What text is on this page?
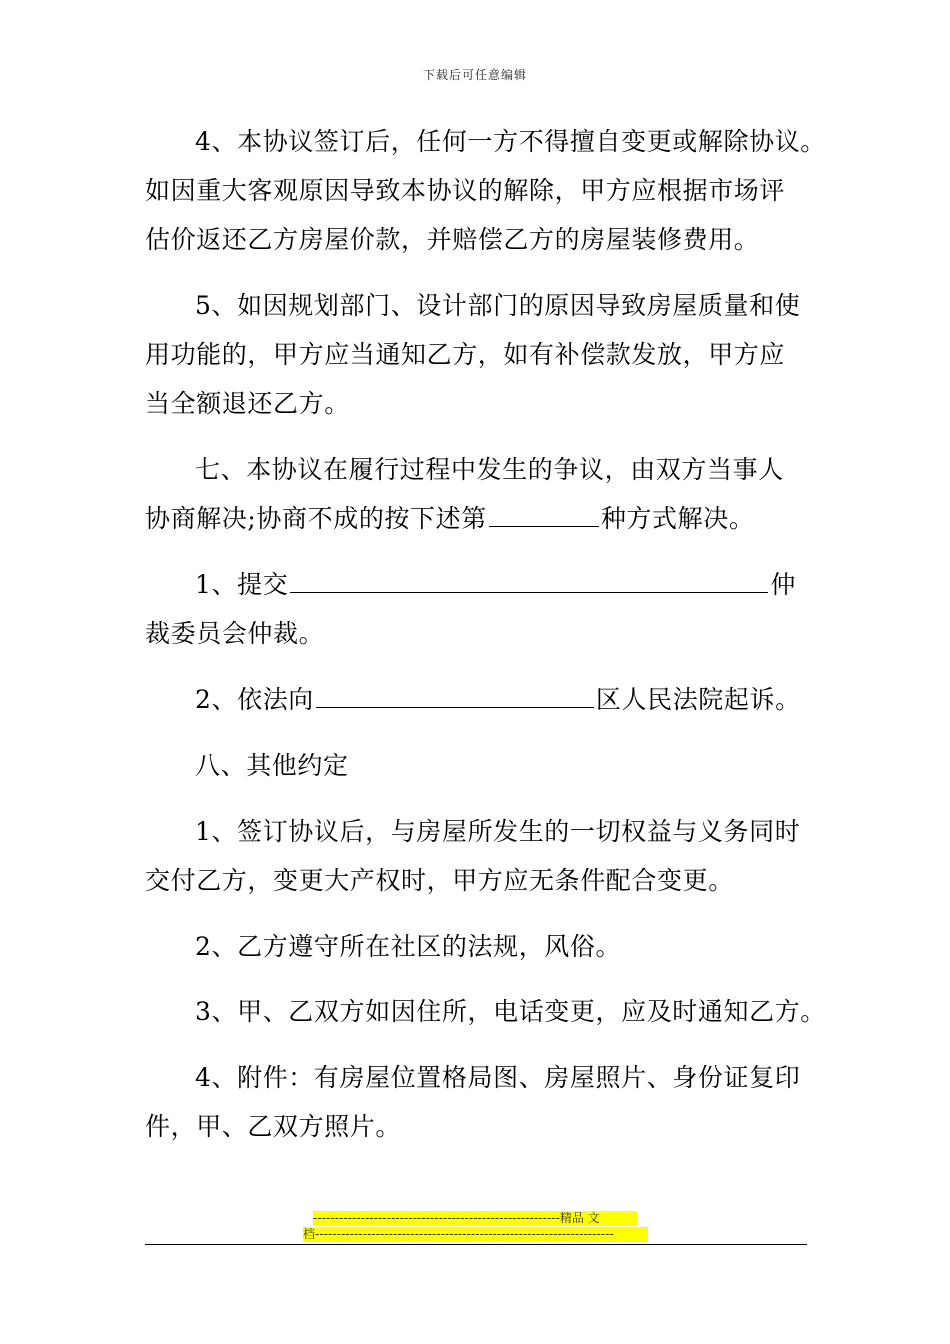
下载后可任意编辑
4、本协议签订后，任何一方不得擅自变更或解除协议。
如因重大客观原因导致本协议的解除，甲方应根据市场评
估价返还乙方房屋价款，并赔偿乙方的房屋装修费用。
5、如因规划部门、设计部门的原因导致房屋质量和使
用功能的，甲方应当通知乙方，如有补偿款发放，甲方应
当全额退还乙方。
七、本协议在履行过程中发生的争议，由双方当事人
协商解决;协商不成的按下述第	种方式解决。
1、提交	仲
裁委员会仲裁。
2、依法向	区人民法院起诉。
八、其他约定
1、签订协议后，与房屋所发生的一切权益与义务同时
交付乙方，变更大产权时，甲方应无条件配合变更。
2、乙方遵守所在社区的法规，风俗。
3、甲、乙双方如因住所，电话变更，应及时通知乙方。
4、附件：有房屋位置格局图、房屋照片、身份证复印
件，甲、乙双方照片。
---------------------------------------------------------精品 文
档---------------------------------------------------------------------
